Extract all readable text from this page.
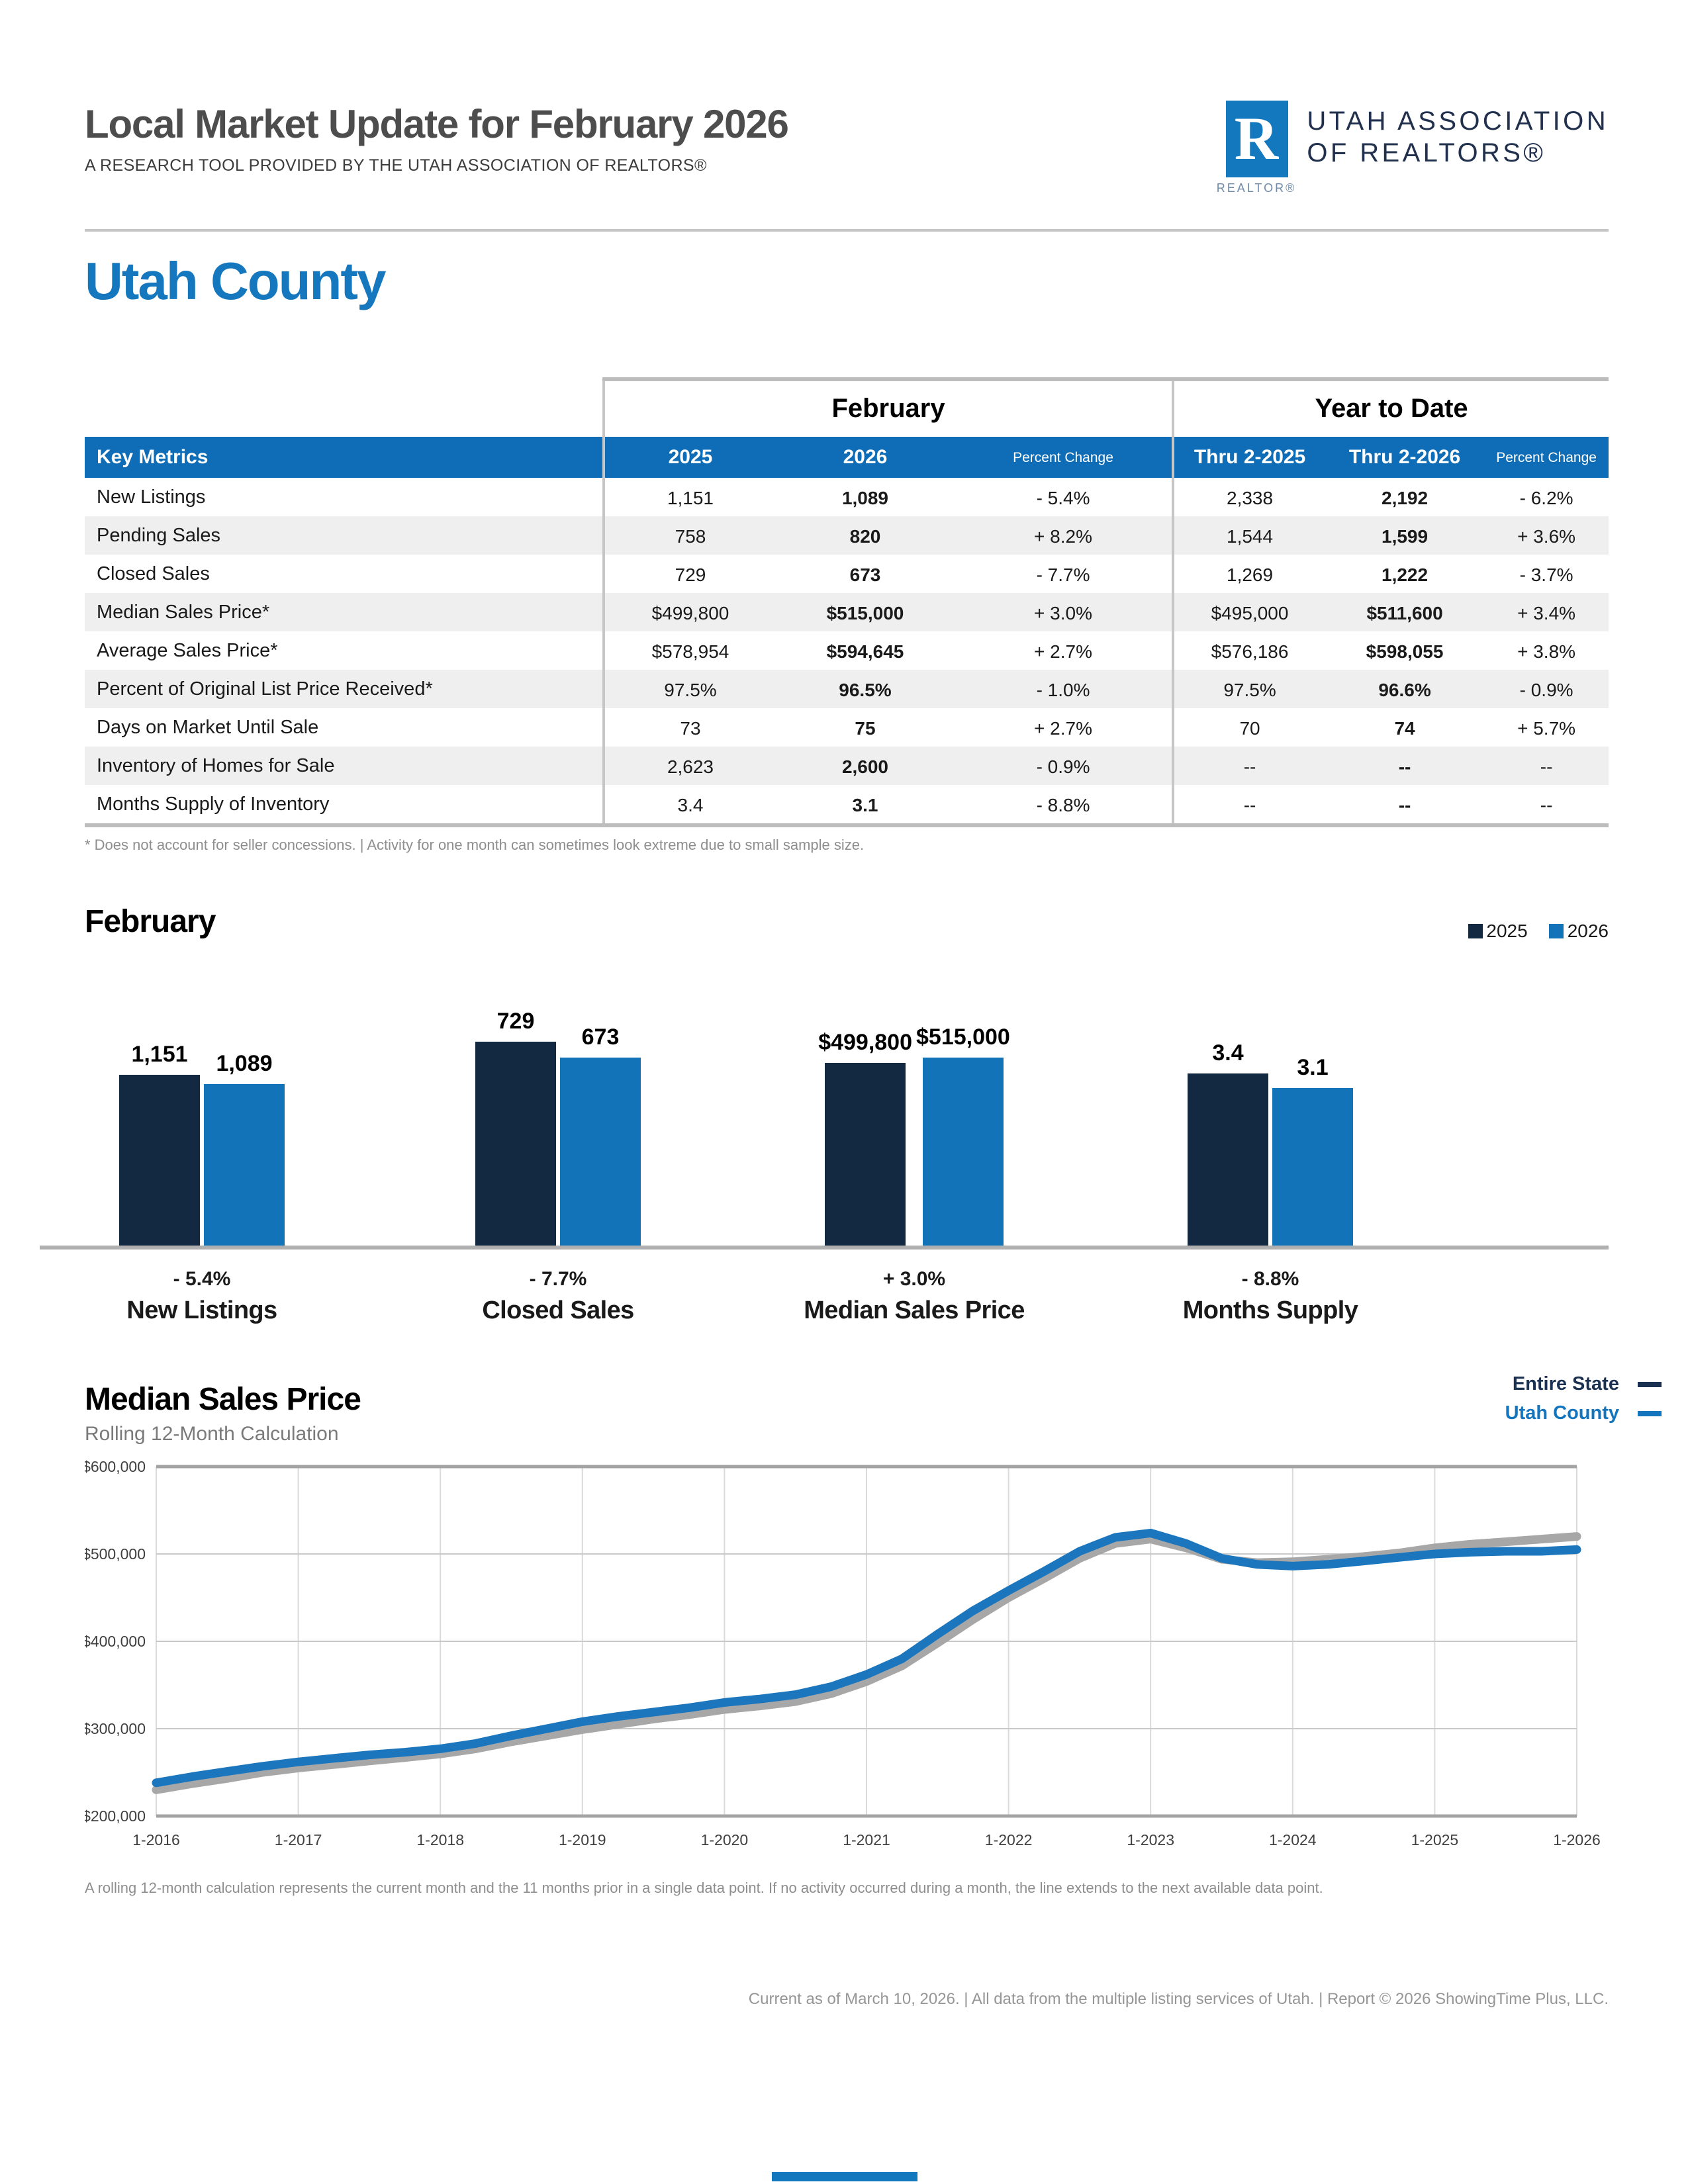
Local Market Update for February 2026
A RESEARCH TOOL PROVIDED BY THE UTAH ASSOCIATION OF REALTORS®	R
REALTOR®
UTAH ASSOCIATION
OF REALTORS®
Utah County
	February			Year to Date		
Key Metrics	2025	2026	Percent Change	Thru 2-2025	Thru 2-2026	Percent Change
New Listings	1,151	1,089	- 5.4%	2,338	2,192	- 6.2%
Pending Sales	758	820	+ 8.2%	1,544	1,599	+ 3.6%
Closed Sales	729	673	- 7.7%	1,269	1,222	- 3.7%
Median Sales Price*	$499,800	$515,000	+ 3.0%	$495,000	$511,600	+ 3.4%
Average Sales Price*	$578,954	$594,645	+ 2.7%	$576,186	$598,055	+ 3.8%
Percent of Original List Price Received*	97.5%	96.5%	- 1.0%	97.5%	96.6%	- 0.9%
Days on Market Until Sale	73	75	+ 2.7%	70	74	+ 5.7%
Inventory of Homes for Sale	2,623	2,600	- 0.9%	--	--	--
Months Supply of Inventory	3.4	3.1	- 8.8%	--	--	--
* Does not account for seller concessions. | Activity for one month can sometimes look extreme due to small sample size.
February	2025	2026
1,151	1,089
729
673	$499,800 $515,000
3.4
3.1
- 5.4%	- 7.7%	+ 3.0%	- 8.8%
New Listings	Closed Sales	Median Sales Price	Months Supply
Median Sales Price
Rolling 12-Month Calculation
Entire State
Utah County
1-2016	1-2017	1-2018	1-2019	1-2020	1-2021	1-2022	1-2023	1-2024	1-2025	1-2026
$200,000
$300,000
$400,000
$500,000
$600,000
A rolling 12-month calculation represents the current month and the 11 months prior in a single data point. If no activity occurred during a month, the line extends to the next available data point.
Current as of March 10, 2026. | All data from the multiple listing services of Utah. | Report © 2026 ShowingTime Plus, LLC.
